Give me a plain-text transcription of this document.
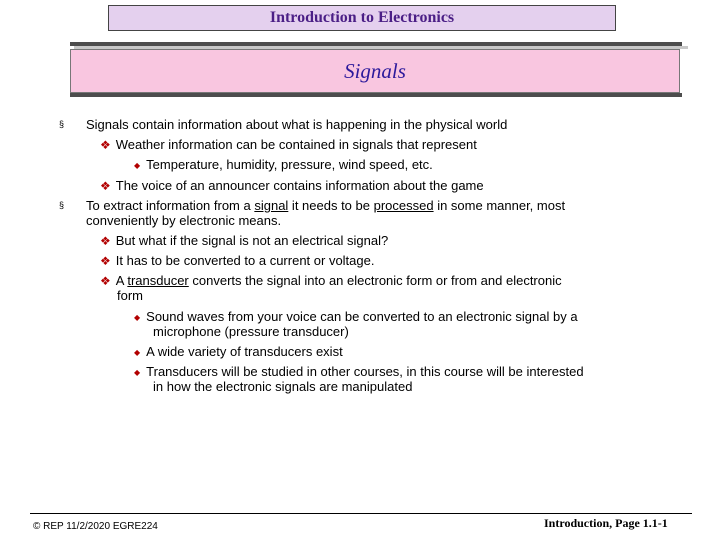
Introduction to Electronics
Signals
§ Signals contain information about what is happening in the physical world
❖ Weather information can be contained in signals that represent
◆ Temperature, humidity, pressure, wind speed, etc.
❖ The voice of an announcer contains information about the game
§ To extract information from a signal it needs to be processed in some manner, most
conveniently by electronic means.
❖ But what if the signal is not an electrical signal?
❖ It has to be converted to a current or voltage.
❖ A transducer converts the signal into an electronic form or from and electronic
form
◆ Sound waves from your voice can be converted to an electronic signal by a
microphone (pressure transducer)
◆ A wide variety of transducers exist
◆ Transducers will be studied in other courses, in this course will be interested
in how the electronic signals are manipulated
© REP 11/2/2020 EGRE224	Introduction, Page 1.1-1
